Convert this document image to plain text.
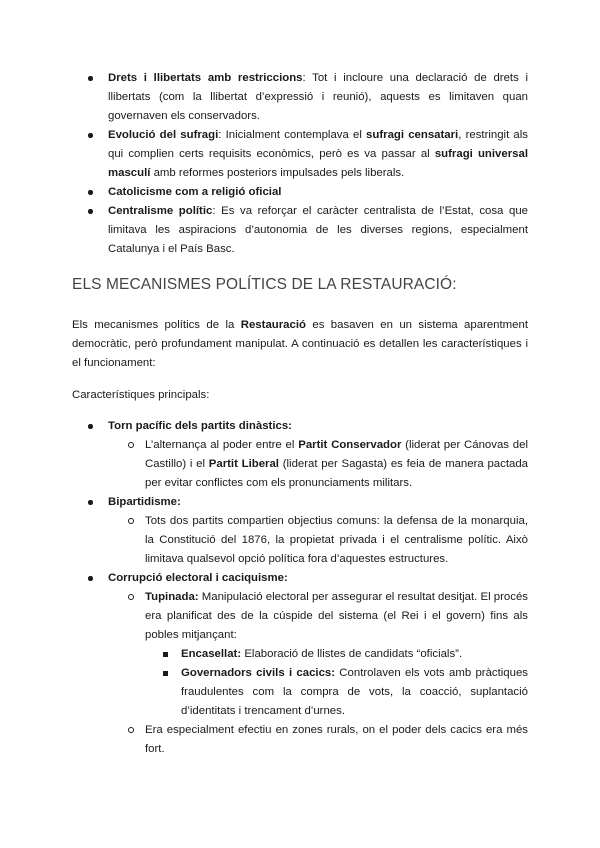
Drets i llibertats amb restriccions: Tot i incloure una declaració de drets i llibertats (com la llibertat d’expressió i reunió), aquests es limitaven quan governaven els conservadors.
Evolució del sufragi: Inicialment contemplava el sufragi censatari, restringit als qui complien certs requisits econòmics, però es va passar al sufragi universal masculí amb reformes posteriors impulsades pels liberals.
Catolicisme com a religió oficial
Centralisme polític: Es va reforçar el caràcter centralista de l’Estat, cosa que limitava les aspiracions d’autonomia de les diverses regions, especialment Catalunya i el País Basc.
ELS MECANISMES POLÍTICS DE LA RESTAURACIÓ:
Els mecanismes polítics de la Restauració es basaven en un sistema aparentment democràtic, però profundament manipulat. A continuació es detallen les característiques i el funcionament:
Característiques principals:
Torn pacífic dels partits dinàstics:
L’alternança al poder entre el Partit Conservador (liderat per Cánovas del Castillo) i el Partit Liberal (liderat per Sagasta) es feia de manera pactada per evitar conflictes com els pronunciaments militars.
Bipartidisme:
Tots dos partits compartien objectius comuns: la defensa de la monarquia, la Constitució del 1876, la propietat privada i el centralisme polític. Això limitava qualsevol opció política fora d’aquestes estructures.
Corrupció electoral i caciquisme:
Tupinada: Manipulació electoral per assegurar el resultat desitjat. El procés era planificat des de la cúspide del sistema (el Rei i el govern) fins als pobles mitjançant:
Encasellat: Elaboració de llistes de candidats “oficials”.
Governadors civils i cacics: Controlaven els vots amb pràctiques fraudulentes com la compra de vots, la coacció, suplantació d’identitats i trencament d’urnes.
Era especialment efectiu en zones rurals, on el poder dels cacics era més fort.
